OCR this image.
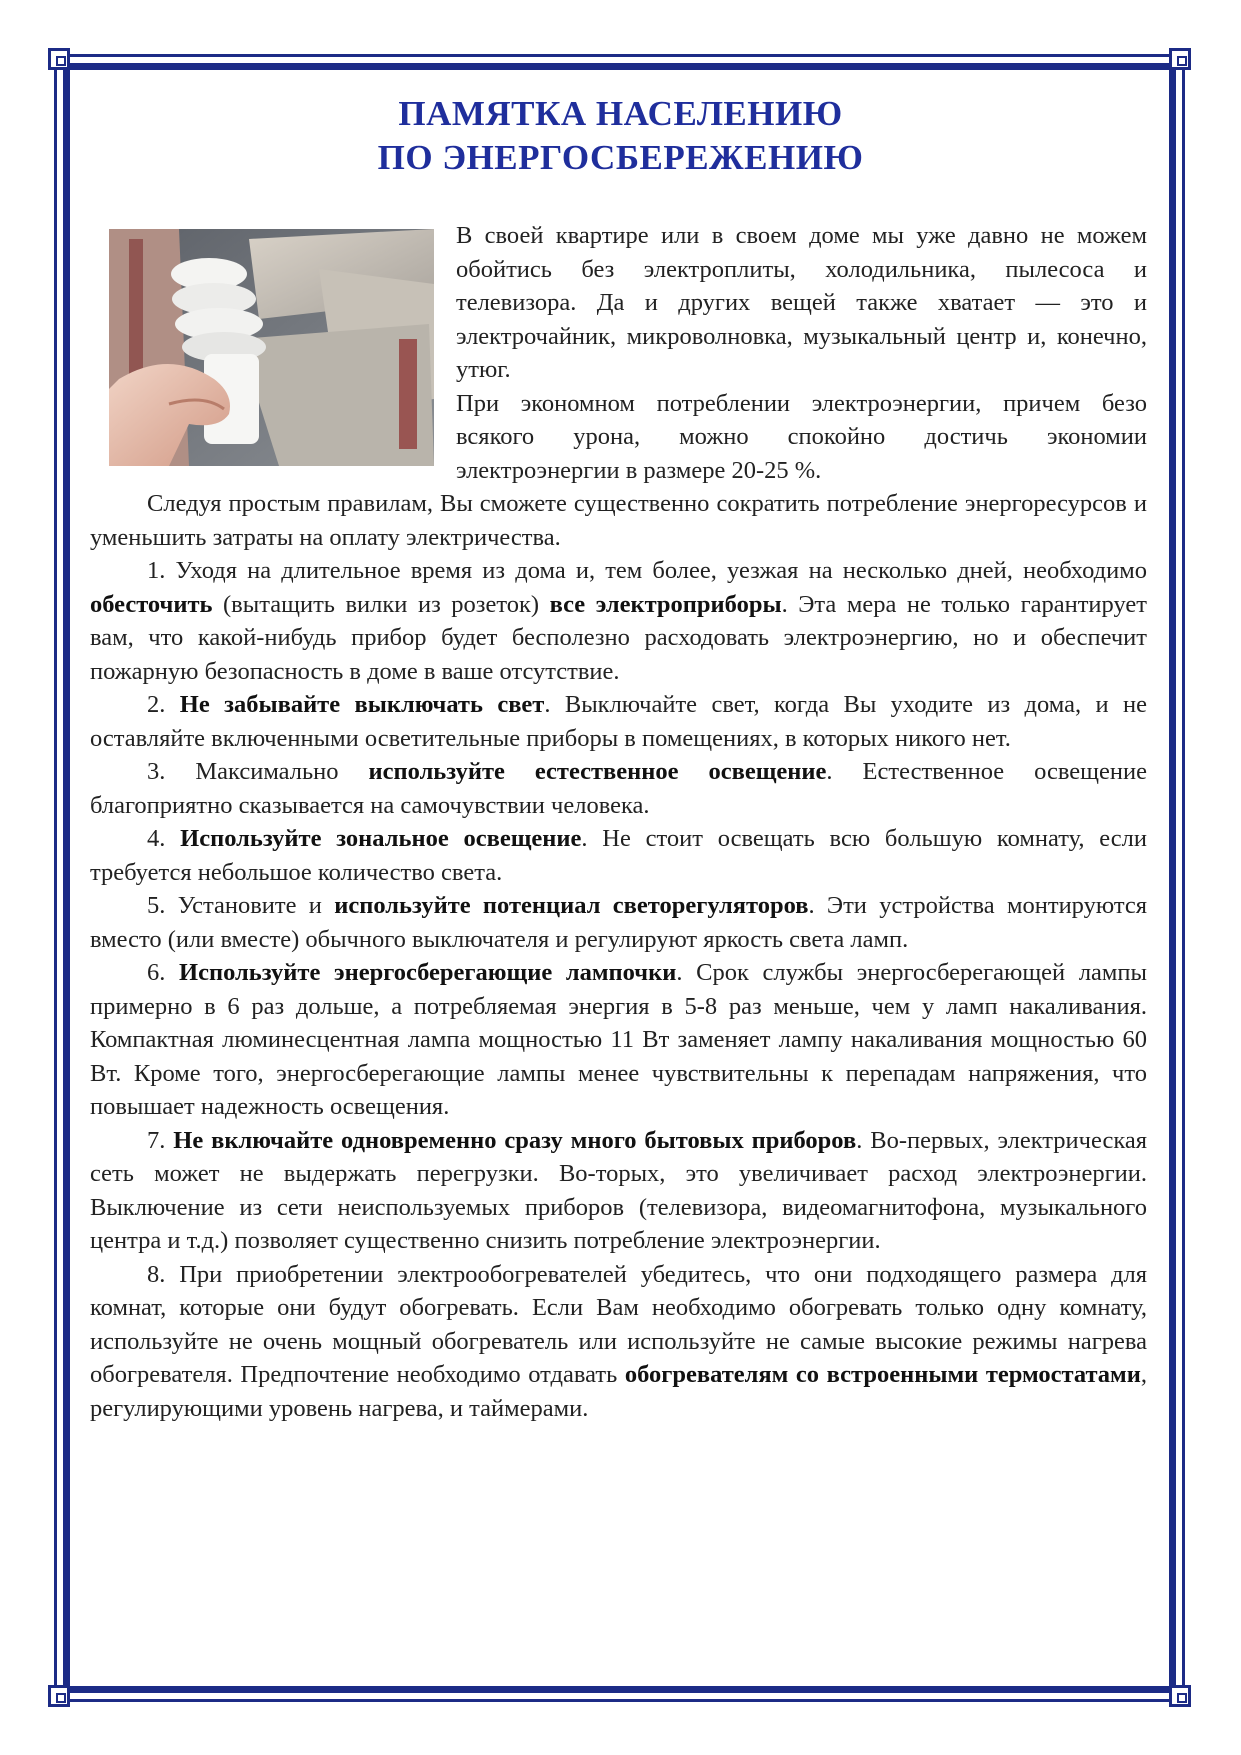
ПАМЯТКА НАСЕЛЕНИЮ
ПО ЭНЕРГОСБЕРЕЖЕНИЮ

В своей квартире или в своем доме мы уже давно не можем обойтись без электроплиты, холодильника, пылесоса и телевизора. Да и других вещей также хватает — это и электрочайник, микроволновка, музыкальный центр и, конечно, утюг.

При экономном потреблении электроэнергии, причем безо всякого урона, можно спокойно достичь экономии электроэнергии в размере 20-25 %.

Следуя простым правилам, Вы сможете существенно сократить потребление энергоресурсов и уменьшить затраты на оплату электричества.

1. Уходя на длительное время из дома и, тем более, уезжая на несколько дней, необходимо обесточить (вытащить вилки из розеток) все электроприборы. Эта мера не только гарантирует вам, что какой-нибудь прибор будет бесполезно расходовать электроэнергию, но и обеспечит пожарную безопасность в доме в ваше отсутствие.

2. Не забывайте выключать свет. Выключайте свет, когда Вы уходите из дома, и не оставляйте включенными осветительные приборы в помещениях, в которых никого нет.

3. Максимально используйте естественное освещение. Естественное освещение благоприятно сказывается на самочувствии человека.

4. Используйте зональное освещение. Не стоит освещать всю большую комнату, если требуется небольшое количество света.

5. Установите и используйте потенциал светорегуляторов. Эти устройства монтируются вместо (или вместе) обычного выключателя и регулируют яркость света ламп.

6. Используйте энергосберегающие лампочки. Срок службы энергосберегающей лампы примерно в 6 раз дольше, а потребляемая энергия в 5-8 раз меньше, чем у ламп накаливания. Компактная люминесцентная лампа мощностью 11 Вт заменяет лампу накаливания мощностью 60 Вт. Кроме того, энергосберегающие лампы менее чувствительны к перепадам напряжения, что повышает надежность освещения.

7. Не включайте одновременно сразу много бытовых приборов. Во-первых, электрическая сеть может не выдержать перегрузки. Во-торых, это увеличивает расход электроэнергии. Выключение из сети неиспользуемых приборов (телевизора, видеомагнитофона, музыкального центра и т.д.) позволяет существенно снизить потребление электроэнергии.

8. При приобретении электрообогревателей убедитесь, что они подходящего размера для комнат, которые они будут обогревать. Если Вам необходимо обогревать только одну комнату, используйте не очень мощный обогреватель или используйте не самые высокие режимы нагрева обогревателя. Предпочтение необходимо отдавать обогревателям со встроенными термостатами, регулирующими уровень нагрева, и таймерами.
